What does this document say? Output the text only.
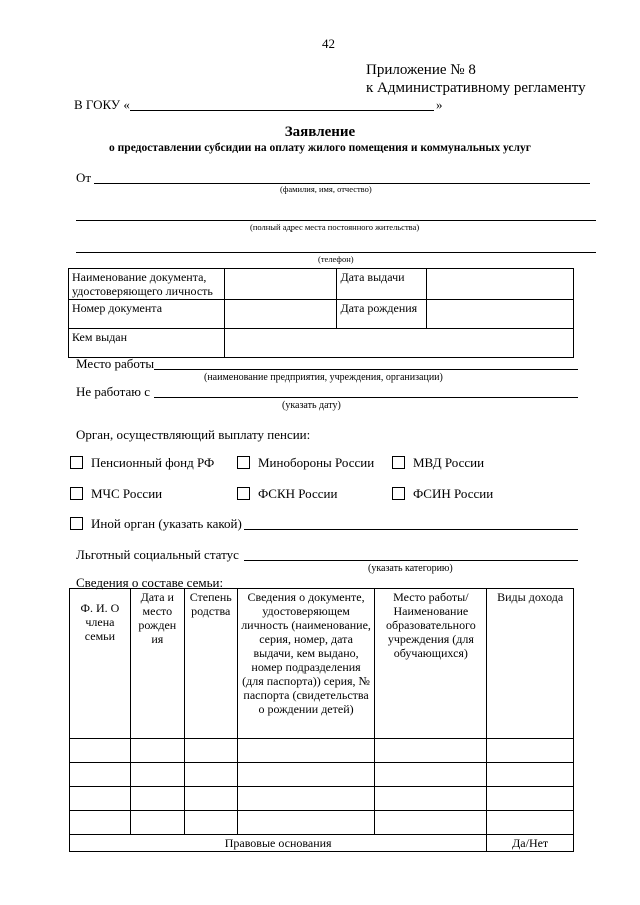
42
Приложение № 8
к Административному регламенту
В ГОКУ «	»
Заявление
о предоставлении субсидии на оплату жилого помещения и коммунальных услуг
От
(фамилия, имя, отчество)
(полный адрес места постоянного жительства)
(телефон)
Наименование документа, удостоверяющего личность		Дата выдачи	
Номер документа		Дата рождения	
Кем выдан			
Место работы
(наименование предприятия, учреждения, организации)
Не работаю с
(указать дату)
Орган, осуществляющий выплату пенсии:
Пенсионный фонд РФ	Минобороны России	МВД России
МЧС России	ФСКН России	ФСИН России
Иной орган (указать какой)
Льготный социальный статус
(указать категорию)
Сведения о составе семьи:
Ф. И. О члена семьи	Дата и место рожден ия	Степень родства	Сведения о документе, удостоверяющем личность (наименование, серия, номер, дата выдачи, кем выдано, номер подразделения (для паспорта)) серия, № паспорта (свидетельства о рождении детей)	Место работы/ Наименование образовательного учреждения (для обучающихся)	Виды дохода

Правовые основания					Да/Нет
